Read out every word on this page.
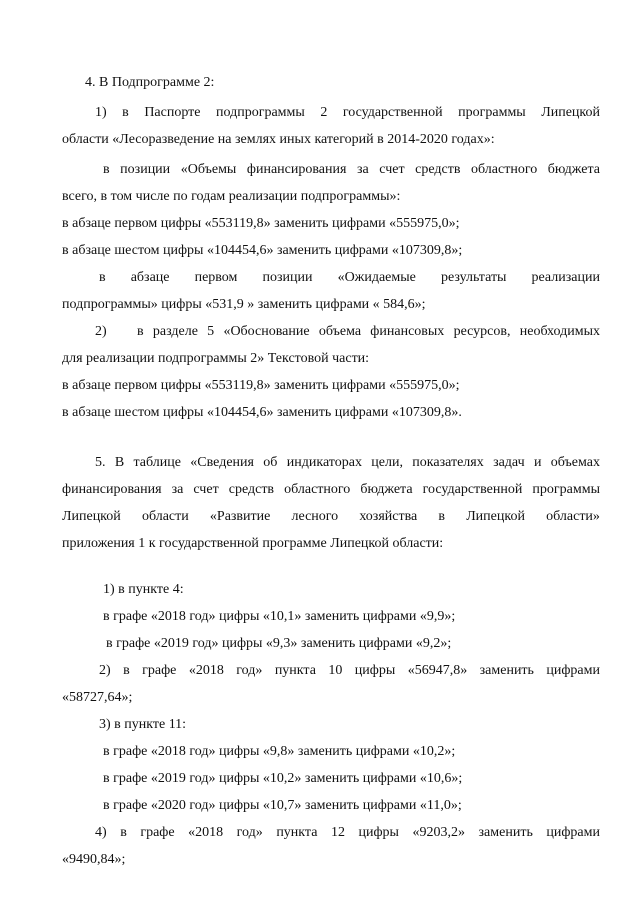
4. В Подпрограмме 2:
1) в Паспорте подпрограммы 2 государственной программы Липецкой
области «Лесоразведение на землях иных категорий в 2014-2020 годах»:
в позиции «Объемы финансирования за счет средств областного бюджета
всего, в том числе по годам реализации подпрограммы»:
в абзаце первом цифры «553119,8» заменить цифрами «555975,0»;
в абзаце шестом цифры «104454,6» заменить цифрами «107309,8»;
в абзаце первом позиции «Ожидаемые результаты реализации
подпрограммы» цифры «531,9 » заменить цифрами « 584,6»;
2) в разделе 5 «Обоснование объема финансовых ресурсов, необходимых
для реализации подпрограммы 2» Текстовой части:
в абзаце первом цифры «553119,8» заменить цифрами «555975,0»;
в абзаце шестом цифры «104454,6» заменить цифрами «107309,8».
5. В таблице «Сведения об индикаторах цели, показателях задач и объемах
финансирования за счет средств областного бюджета государственной программы
Липецкой области «Развитие лесного хозяйства в Липецкой области»
приложения 1 к государственной программе Липецкой области:
1) в пункте 4:
в графе «2018 год» цифры «10,1» заменить цифрами «9,9»;
в графе «2019 год» цифры «9,3» заменить цифрами «9,2»;
2) в графе «2018 год» пункта 10 цифры «56947,8» заменить цифрами
«58727,64»;
3) в пункте 11:
в графе «2018 год» цифры «9,8» заменить цифрами «10,2»;
в графе «2019 год» цифры «10,2» заменить цифрами «10,6»;
в графе «2020 год» цифры «10,7» заменить цифрами «11,0»;
4) в графе «2018 год» пункта 12 цифры «9203,2» заменить цифрами
«9490,84»;
